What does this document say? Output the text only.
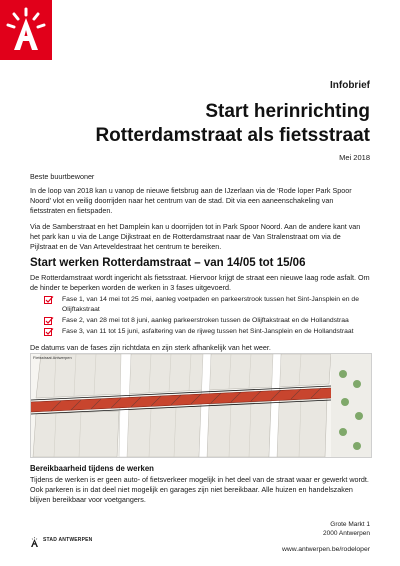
Infobrief
Start herinrichting
Rotterdamstraat als fietsstraat
Mei 2018
Beste buurtbewoner
In de loop van 2018 kan u vanop de nieuwe fietsbrug aan de IJzerlaan via de ‘Rode loper Park Spoor Noord’ vlot en veilig doorrijden naar het centrum van de stad. Dit via een aaneenschakeling van fietsstraten en fietspaden.
Via de Samberstraat en het Damplein kan u doorrijden tot in Park Spoor Noord. Aan de andere kant van het park kan u via de Lange Dijkstraat en de Rotterdamstraat naar de Van Stralenstraat om via de Pijlstraat en de Van Arteveldestraat het centrum te bereiken.
Start werken Rotterdamstraat – van 14/05 tot 15/06
De Rotterdamstraat wordt ingericht als fietsstraat. Hiervoor krijgt de straat een nieuwe laag rode asfalt. Om de hinder te beperken worden de werken in 3 fases uitgevoerd.
Fase 1, van 14 mei tot 25 mei, aanleg voetpaden en parkeerstrook tussen het Sint-Jansplein en de Olijftakstraat
Fase 2, van 28 mei tot 8 juni, aanleg parkeerstroken tussen de Olijftakstraat en de Hollandstraa
Fase 3, van 11 tot 15 juni, asfaltering van de rijweg tussen het Sint-Jansplein en de Hollandstraat
De datums van de fases zijn richtdata en zijn sterk afhankelijk van het weer.
Fietsstraat Antwerpen
Bereikbaarheid tijdens de werken
Tijdens de werken is er geen auto- of fietsverkeer mogelijk in het deel van de straat waar er gewerkt wordt. Ook parkeren is in dat deel niet mogelijk en garages zijn niet bereikbaar. Alle huizen en handelszaken blijven bereikbaar voor voetgangers.
STAD ANTWERPEN
Grote Markt 1
2000 Antwerpen
www.antwerpen.be/rodeloper
